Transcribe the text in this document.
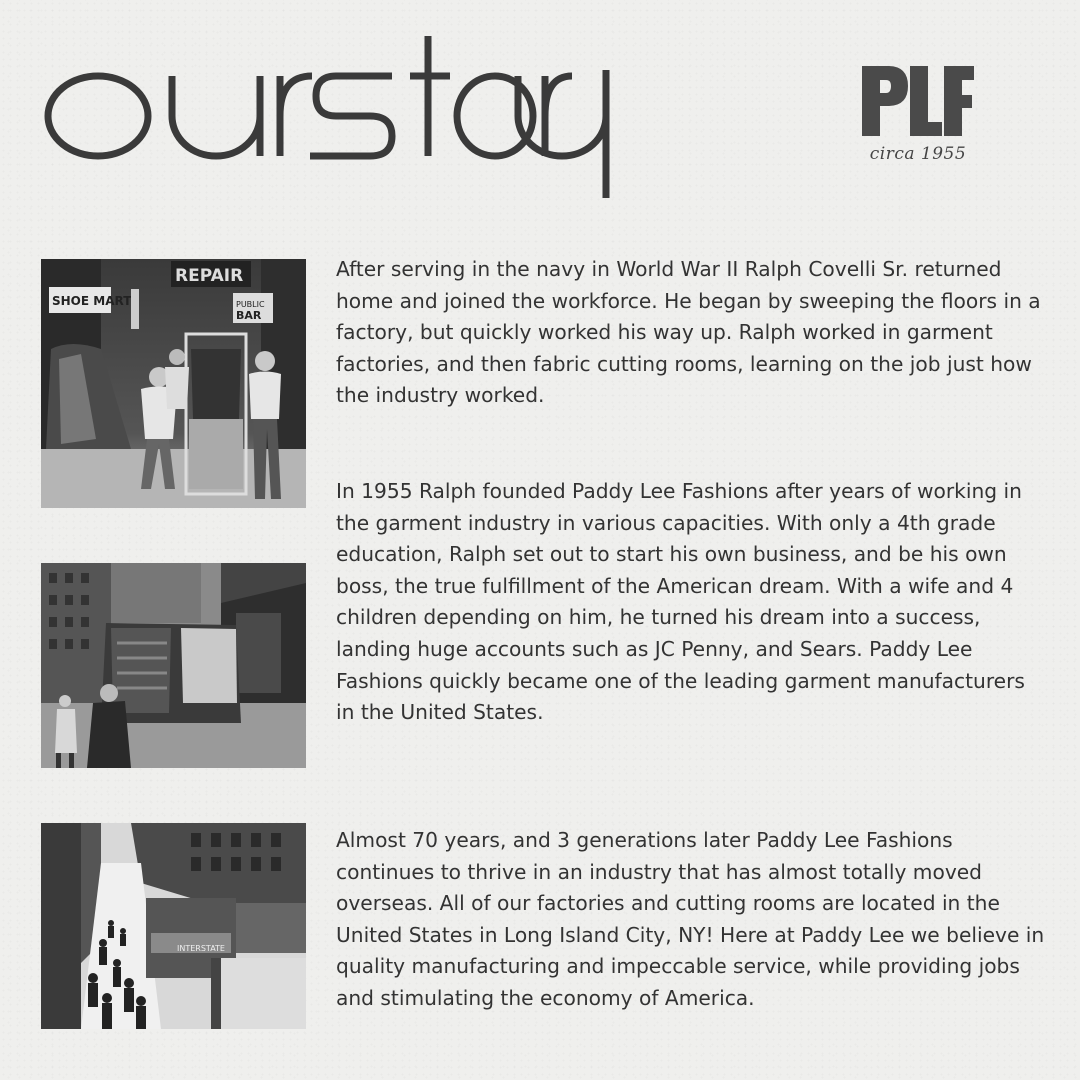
circa 1955
SHOE MART
REPAIR
PUBLIC
BAR
INTERSTATE

After serving in the navy in World War II Ralph Covelli Sr. returned home and joined the workforce. He began by sweeping the floors in a factory, but quickly worked his way up. Ralph worked in garment factories, and then fabric cutting rooms, learning on the job just how the industry worked.

In 1955 Ralph founded Paddy Lee Fashions after years of working in the garment industry in various capacities. With only a 4th grade education, Ralph set out to start his own business, and be his own boss, the true fulfillment of the American dream. With a wife and 4 children depending on him, he turned his dream into a success, landing huge accounts such as JC Penny, and Sears. Paddy Lee Fashions quickly became one of the leading garment manufacturers in the United States.

Almost 70 years, and 3 generations later Paddy Lee Fashions continues to thrive in an industry that has almost totally moved overseas. All of our factories and cutting rooms are located in the United States in Long Island City, NY! Here at Paddy Lee we believe in quality manufacturing and impeccable service, while providing jobs and stimulating the economy of America.
